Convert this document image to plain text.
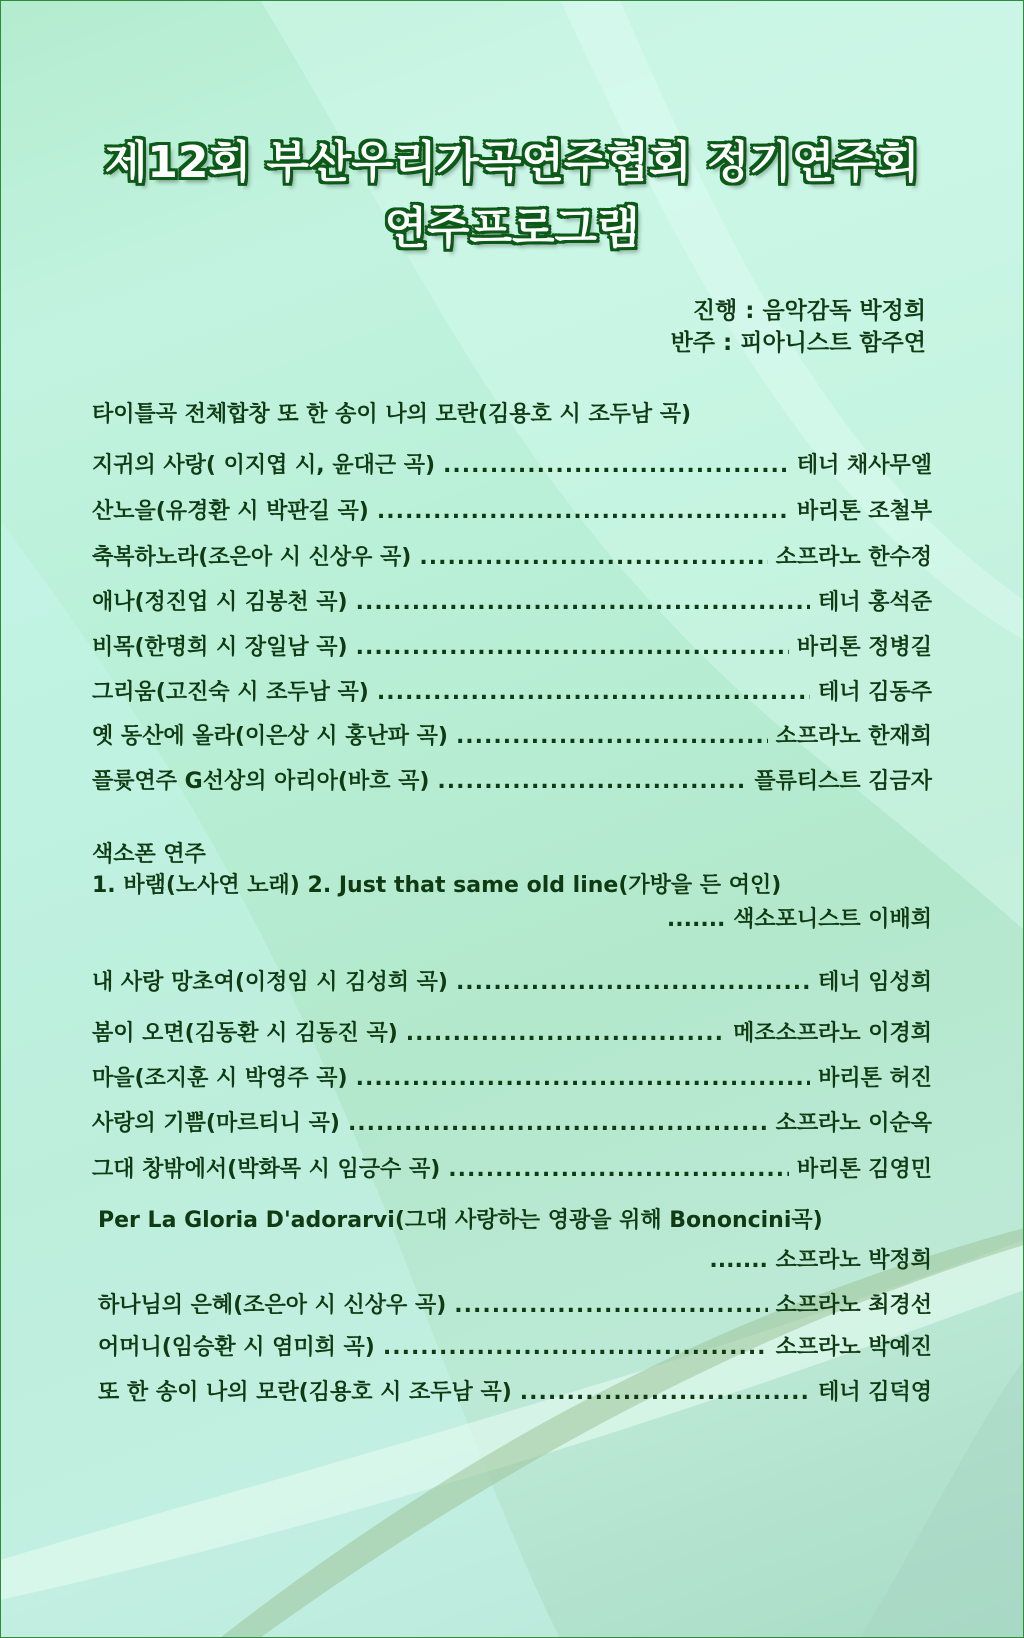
제12회 부산우리가곡연주협회 정기연주회
연주프로그램
진행 : 음악감독 박정희
반주 : 피아니스트 함주연
타이틀곡 전체합창 또 한 송이 나의 모란(김용호 시 조두남 곡)
지귀의 사랑( 이지엽 시, 윤대근 곡) .....	테너 채사무엘
산노을(유경환 시 박판길 곡) .....	바리톤 조철부
축복하노라(조은아 시 신상우 곡) .....	소프라노 한수정
애나(정진업 시 김봉천 곡) .....	테너 홍석준
비목(한명희 시 장일남 곡) .....	바리톤 정병길
그리움(고진숙 시 조두남 곡) .....	테너 김동주
옛 동산에 올라(이은상 시 홍난파 곡) .....	소프라노 한재희
플륫연주 G선상의 아리아(바흐 곡) .....	플류티스트 김금자
색소폰 연주
1. 바램(노사연 노래) 2. Just that same old line(가방을 든 여인)
....... 색소포니스트 이배희
내 사랑 망초여(이정임 시 김성희 곡) .....	테너 임성희
봄이 오면(김동환 시 김동진 곡) .....	메조소프라노 이경희
마을(조지훈 시 박영주 곡) .....	바리톤 허진
사랑의 기쁨(마르티니 곡) .....	소프라노 이순옥
그대 창밖에서(박화목 시 임긍수 곡) .....	바리톤 김영민
Per La Gloria D'adorarvi(그대 사랑하는 영광을 위해 Bononcini곡)
....... 소프라노 박정희
하나님의 은혜(조은아 시 신상우 곡) .....	소프라노 최경선
어머니(임승환 시 염미희 곡) .....	소프라노 박예진
또 한 송이 나의 모란(김용호 시 조두남 곡) .....	테너 김덕영
